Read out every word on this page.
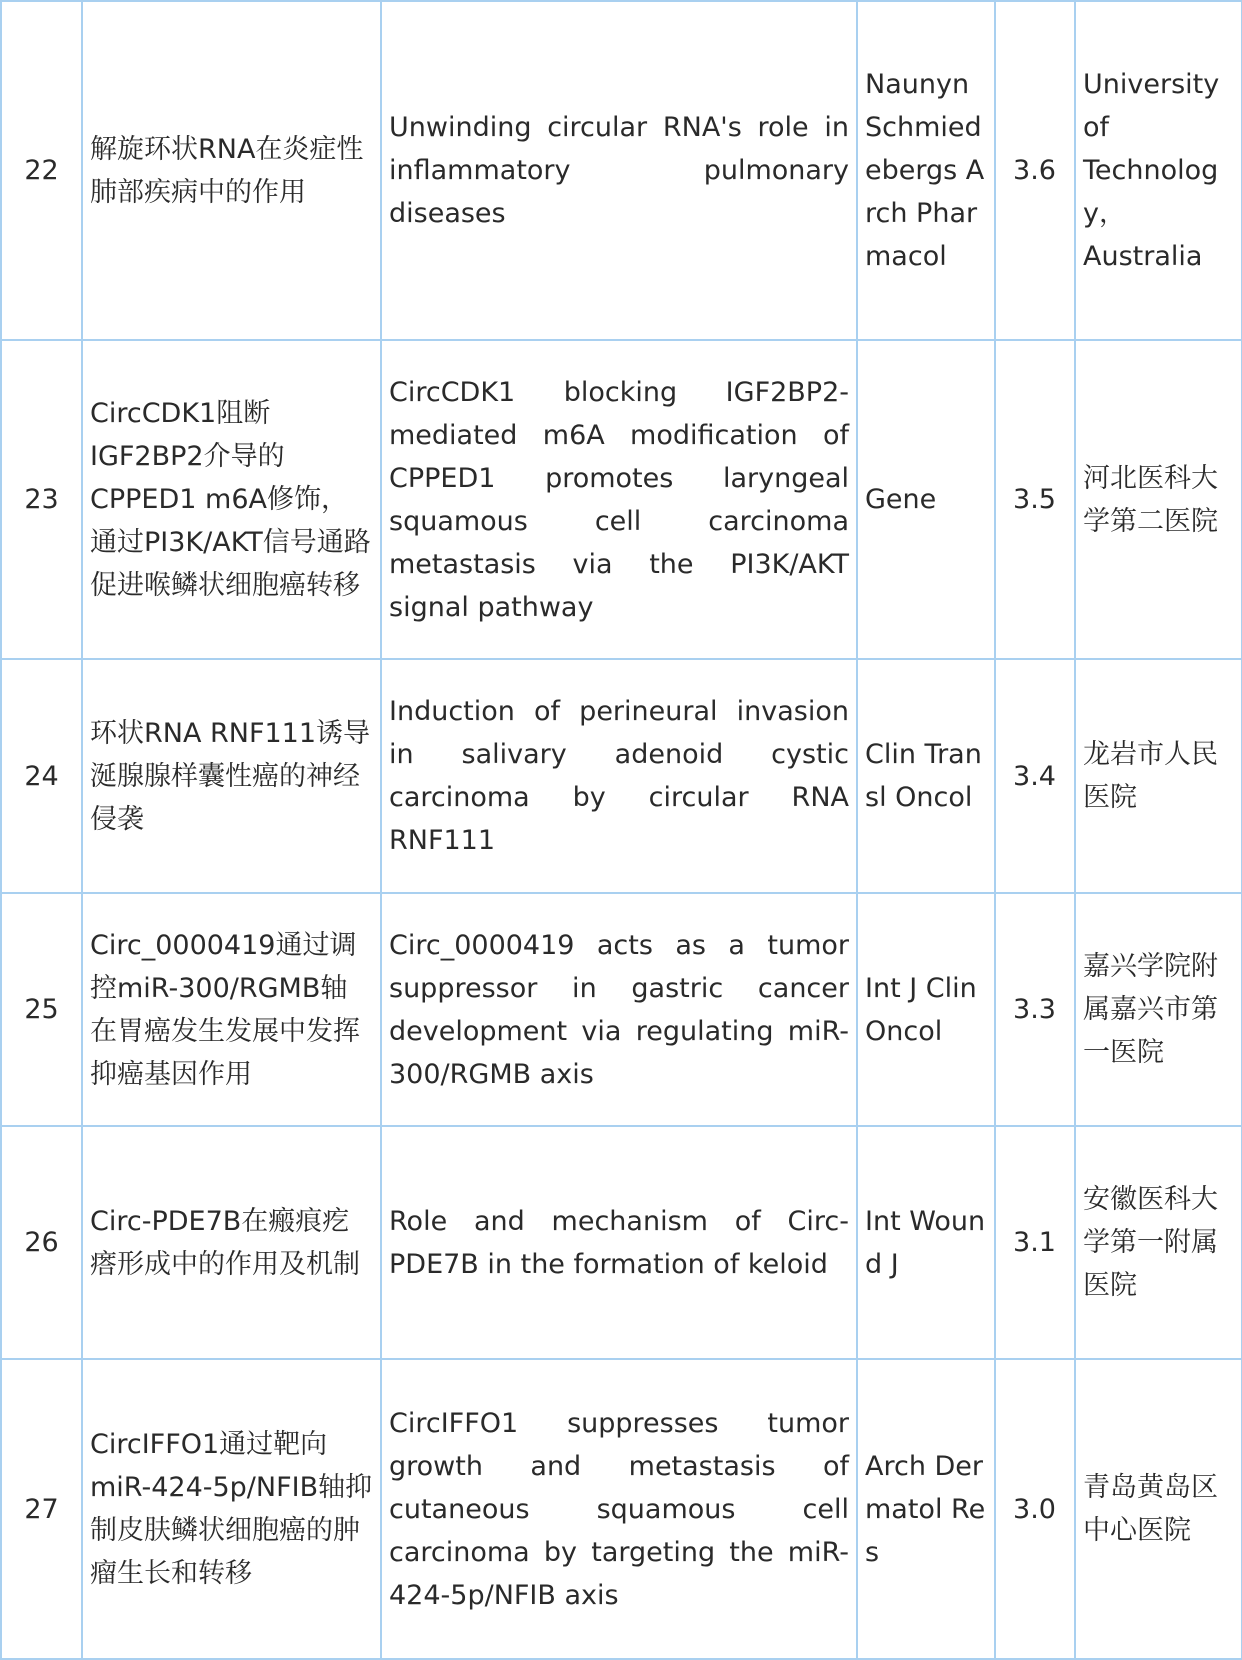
22	解旋环状RNA在炎症性肺部疾病中的作用	Unwinding circular RNA's role in inflammatory pulmonary diseases	Naunyn Schmiedebergs Arch Pharmacol	3.6	University of Technology，Australia
23	CircCDK1阻断IGF2BP2介导的CPPED1 m6A修饰，通过PI3K/AKT信号通路促进喉鳞状细胞癌转移	CircCDK1 blocking IGF2BP2-mediated m6A modification of CPPED1 promotes laryngeal squamous cell carcinoma metastasis via the PI3K/AKT signal pathway	Gene	3.5	河北医科大学第二医院
24	环状RNA RNF111诱导涎腺腺样囊性癌的神经侵袭	Induction of perineural invasion in salivary adenoid cystic carcinoma by circular RNA RNF111	Clin Transl Oncol	3.4	龙岩市人民医院
25	Circ_0000419通过调控miR-300/RGMB轴在胃癌发生发展中发挥抑癌基因作用	Circ_0000419 acts as a tumor suppressor in gastric cancer development via regulating miR-300/RGMB axis	Int J Clin Oncol	3.3	嘉兴学院附属嘉兴市第一医院
26	Circ-PDE7B在瘢痕疙瘩形成中的作用及机制	Role and mechanism of Circ-PDE7B in the formation of keloid	Int Wound J	3.1	安徽医科大学第一附属医院
27	CircIFFO1通过靶向miR-424-5p/NFIB轴抑制皮肤鳞状细胞癌的肿瘤生长和转移	CircIFFO1 suppresses tumor growth and metastasis of cutaneous squamous cell carcinoma by targeting the miR-424-5p/NFIB axis	Arch Dermatol Res	3.0	青岛黄岛区中心医院
